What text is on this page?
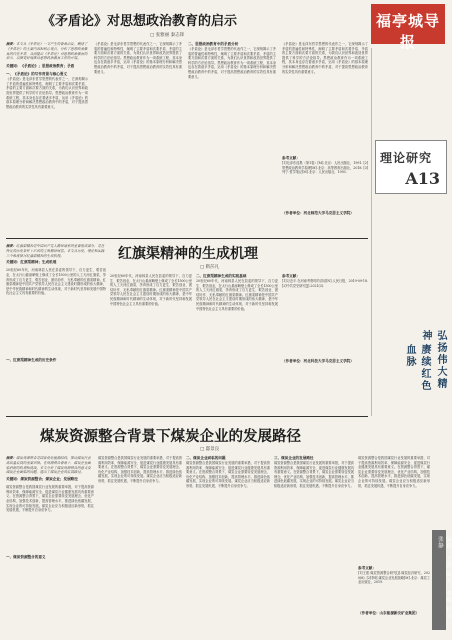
福亭城导报
理论研究
A13
《矛盾论》对思想政治教育的启示
□ 张雅丽 秦志锋
摘要：本文从《矛盾论》一文产生的背景出发，概述了《矛盾论》的主要内容和核心观点，分析了思想政治教育的内在矛盾，从而提出《矛盾论》对思想政治教育的启示，以期更好地推动思想政治教育工作的开展。
关键词：《矛盾论》；思想政治教育；矛盾
一、《矛盾论》的写作背景与核心要义
《矛盾论》是毛泽东哲学思想的代表作之一，它深刻揭示了矛盾的普遍性和特殊性，阐明了主要矛盾和次要矛盾、矛盾的主要方面和次要方面的关系，为我们认识世界和改造世界提供了科学的方法论指导。思想政治教育作为一项系统工程，其本身也存在着诸多矛盾，运用《矛盾论》的基本原理分析和解决思想政治教育中的矛盾，对于提高思想政治教育的实效性具有重要意义。
《矛盾论》是毛泽东哲学思想的代表作之一，它深刻揭示了矛盾的普遍性和特殊性，阐明了主要矛盾和次要矛盾、矛盾的主要方面和次要方面的关系，为我们认识世界和改造世界提供了科学的方法论指导。思想政治教育作为一项系统工程，其本身也存在着诸多矛盾，运用《矛盾论》的基本原理分析和解决思想政治教育中的矛盾，对于提高思想政治教育的实效性具有重要意义。
二、思想政治教育中的矛盾分析
《矛盾论》是毛泽东哲学思想的代表作之一，它深刻揭示了矛盾的普遍性和特殊性，阐明了主要矛盾和次要矛盾、矛盾的主要方面和次要方面的关系，为我们认识世界和改造世界提供了科学的方法论指导。思想政治教育作为一项系统工程，其本身也存在着诸多矛盾，运用《矛盾论》的基本原理分析和解决思想政治教育中的矛盾，对于提高思想政治教育的实效性具有重要意义。
《矛盾论》是毛泽东哲学思想的代表作之一，它深刻揭示了矛盾的普遍性和特殊性，阐明了主要矛盾和次要矛盾、矛盾的主要方面和次要方面的关系，为我们认识世界和改造世界提供了科学的方法论指导。思想政治教育作为一项系统工程，其本身也存在着诸多矛盾，运用《矛盾论》的基本原理分析和解决思想政治教育中的矛盾，对于提高思想政治教育的实效性具有重要意义。
参考文献：
[1]毛泽东选集（第1卷）[M].北京：人民出版社，1991. [2]思想政治教育学原理[M].北京：高等教育出版社，2018. [3]列宁.哲学笔记[M].北京：人民出版社，1993.
（作者单位：河北师范大学马克思主义学院）
红旗渠精神的生成机理
□ 靳莎凡
摘要：红旗渠精神是中国共产党人精神谱系的重要组成部分，是在特定的历史条件下形成的宝贵精神财富。本文从历史、理论和实践三个维度探讨红旗渠精神的生成机理。
关键词：红旗渠精神；生成机理
20世纪60年代，河南林县人民在县委的领导下，自力更生、艰苦创业，在太行山悬崖峭壁上修成了全长1500公里的人工天河红旗渠，孕育形成了自力更生、艰苦创业、团结协作、无私奉献的红旗渠精神。红旗渠精神是中国共产党领导人民在社会主义建设时期形成的伟大精神，是中华民族精神和时代精神的生动体现，对于新时代坚持和发展中国特色社会主义具有重要的价值。
一、红旗渠精神生成的历史条件
20世纪60年代，河南林县人民在县委的领导下，自力更生、艰苦创业，在太行山悬崖峭壁上修成了全长1500公里的人工天河红旗渠，孕育形成了自力更生、艰苦创业、团结协作、无私奉献的红旗渠精神。红旗渠精神是中国共产党领导人民在社会主义建设时期形成的伟大精神，是中华民族精神和时代精神的生动体现，对于新时代坚持和发展中国特色社会主义具有重要的价值。
二、红旗渠精神生成的实践基础
20世纪60年代，河南林县人民在县委的领导下，自力更生、艰苦创业，在太行山悬崖峭壁上修成了全长1500公里的人工天河红旗渠，孕育形成了自力更生、艰苦创业、团结协作、无私奉献的红旗渠精神。红旗渠精神是中国共产党领导人民在社会主义建设时期形成的伟大精神，是中华民族精神和时代精神的生动体现，对于新时代坚持和发展中国特色社会主义具有重要的价值。
参考文献：
[1]习近平.在河南考察时的讲话[N].人民日报，2019-09-18. [2]中共党史研究[J].2021(3).
（作者单位：河北科技大学马克思主义学院）	弘扬伟大精神
赓续红色血脉
煤炭资源整合背景下煤炭企业的发展路径
□ 邸景良
摘要：煤炭资源整合是国家优化能源结构、推动煤炭行业高质量发展的重要举措。在资源整合背景下，煤炭企业面临着新的机遇和挑战。本文分析了煤炭资源整合的意义及煤炭企业面临的问题，提出了煤炭企业的发展路径。
关键词：煤炭资源整合；煤炭企业；发展路径
煤炭资源整合是我国煤炭行业发展的重要举措，对于提高资源利用效率、保障能源安全、促进煤炭行业健康发展具有重要意义。在资源整合背景下，煤炭企业需要转变发展理念，优化产业结构，加强技术创新，提高管理水平，推进绿色低碳发展，实现企业的可持续发展。煤炭企业应当积极适应新形势，抓住发展机遇，不断提升自身竞争力。
一、煤炭资源整合的意义
煤炭资源整合是我国煤炭行业发展的重要举措，对于提高资源利用效率、保障能源安全、促进煤炭行业健康发展具有重要意义。在资源整合背景下，煤炭企业需要转变发展理念，优化产业结构，加强技术创新，提高管理水平，推进绿色低碳发展，实现企业的可持续发展。煤炭企业应当积极适应新形势，抓住发展机遇，不断提升自身竞争力。
二、煤炭企业面临的问题
煤炭资源整合是我国煤炭行业发展的重要举措，对于提高资源利用效率、保障能源安全、促进煤炭行业健康发展具有重要意义。在资源整合背景下，煤炭企业需要转变发展理念，优化产业结构，加强技术创新，提高管理水平，推进绿色低碳发展，实现企业的可持续发展。煤炭企业应当积极适应新形势，抓住发展机遇，不断提升自身竞争力。
三、煤炭企业的发展路径
煤炭资源整合是我国煤炭行业发展的重要举措，对于提高资源利用效率、保障能源安全、促进煤炭行业健康发展具有重要意义。在资源整合背景下，煤炭企业需要转变发展理念，优化产业结构，加强技术创新，提高管理水平，推进绿色低碳发展，实现企业的可持续发展。煤炭企业应当积极适应新形势，抓住发展机遇，不断提升自身竞争力。
煤炭资源整合是我国煤炭行业发展的重要举措，对于提高资源利用效率、保障能源安全、促进煤炭行业健康发展具有重要意义。在资源整合背景下，煤炭企业需要转变发展理念，优化产业结构，加强技术创新，提高管理水平，推进绿色低碳发展，实现企业的可持续发展。煤炭企业应当积极适应新形势，抓住发展机遇，不断提升自身竞争力。
参考文献：
[1]王建.煤炭资源整合研究[J].煤炭经济研究，2020(6). [2]李明.煤炭企业发展战略[M].北京：煤炭工业出版社，2019.
（作者单位：山东能源新汶矿业集团）	编辑：王燕 版式：李娜 校对：张静
